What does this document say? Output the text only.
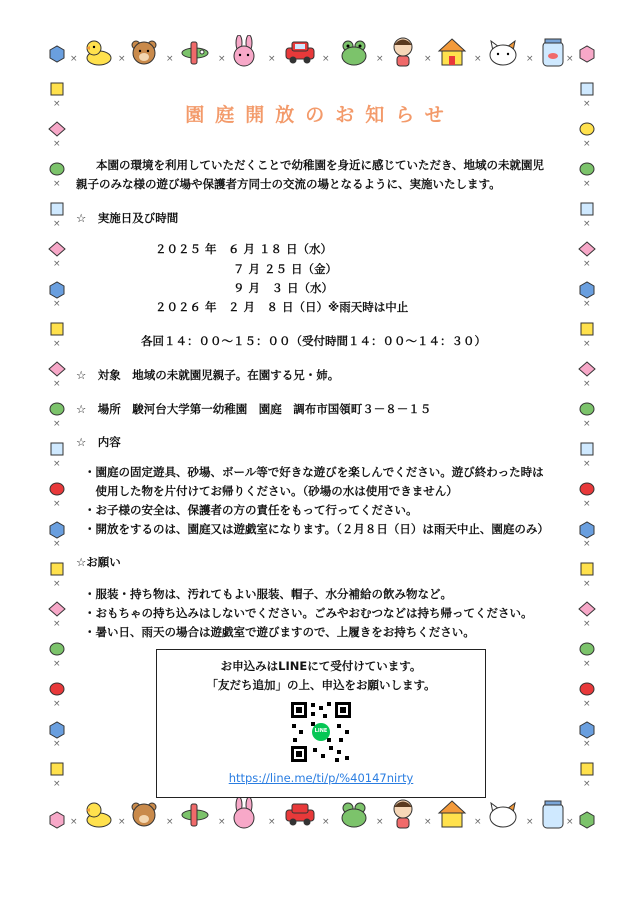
園庭開放のお知らせ
本園の環境を利用していただくことで幼稚園を身近に感じていただき、地域の未就園児
親子のみな様の遊び場や保護者方同士の交流の場となるように、実施いたします。
☆　実施日及び時間
２０２５ 年　６ 月 １８ 日（水）
７ 月 ２５ 日（金）
９ 月　３ 日（水）
２０２６ 年　２ 月　８ 日（日）※雨天時は中止
各回１４：００～１５：００（受付時間１４：００～１４：３０）
☆　対象　地域の未就園児親子。在園する兄・姉。
☆　場所　駿河台大学第一幼稚園　園庭　調布市国領町３－８－１５
☆　内容
・園庭の固定遊具、砂場、ボール等で好きな遊びを楽しんでください。遊び終わった時は
　使用した物を片付けてお帰りください。（砂場の水は使用できません）
・お子様の安全は、保護者の方の責任をもって行ってください。
・開放をするのは、園庭又は遊戯室になります。（２月８日（日）は雨天中止、園庭のみ）
☆お願い
・服装・持ち物は、汚れてもよい服装、帽子、水分補給の飲み物など。
・おもちゃの持ち込みはしないでください。ごみやおむつなどは持ち帰ってください。
・暑い日、雨天の場合は遊戯室で遊びますので、上履きをお持ちください。
お申込みはLINEにて受付けています。
「友だち追加」の上、申込をお願いします。
LINE
https://line.me/ti/p/%40147nirty
×	×	×	×	×	×	×	×	×	×	×
×	×	×	×	×	×	×	×	×	×	×
×	×
×	×
×	×
×	×
×	×
×	×
×	×
×	×
×	×
×	×
×	×
×	×
×	×
×	×
×	×
×	×
×	×
×	×
